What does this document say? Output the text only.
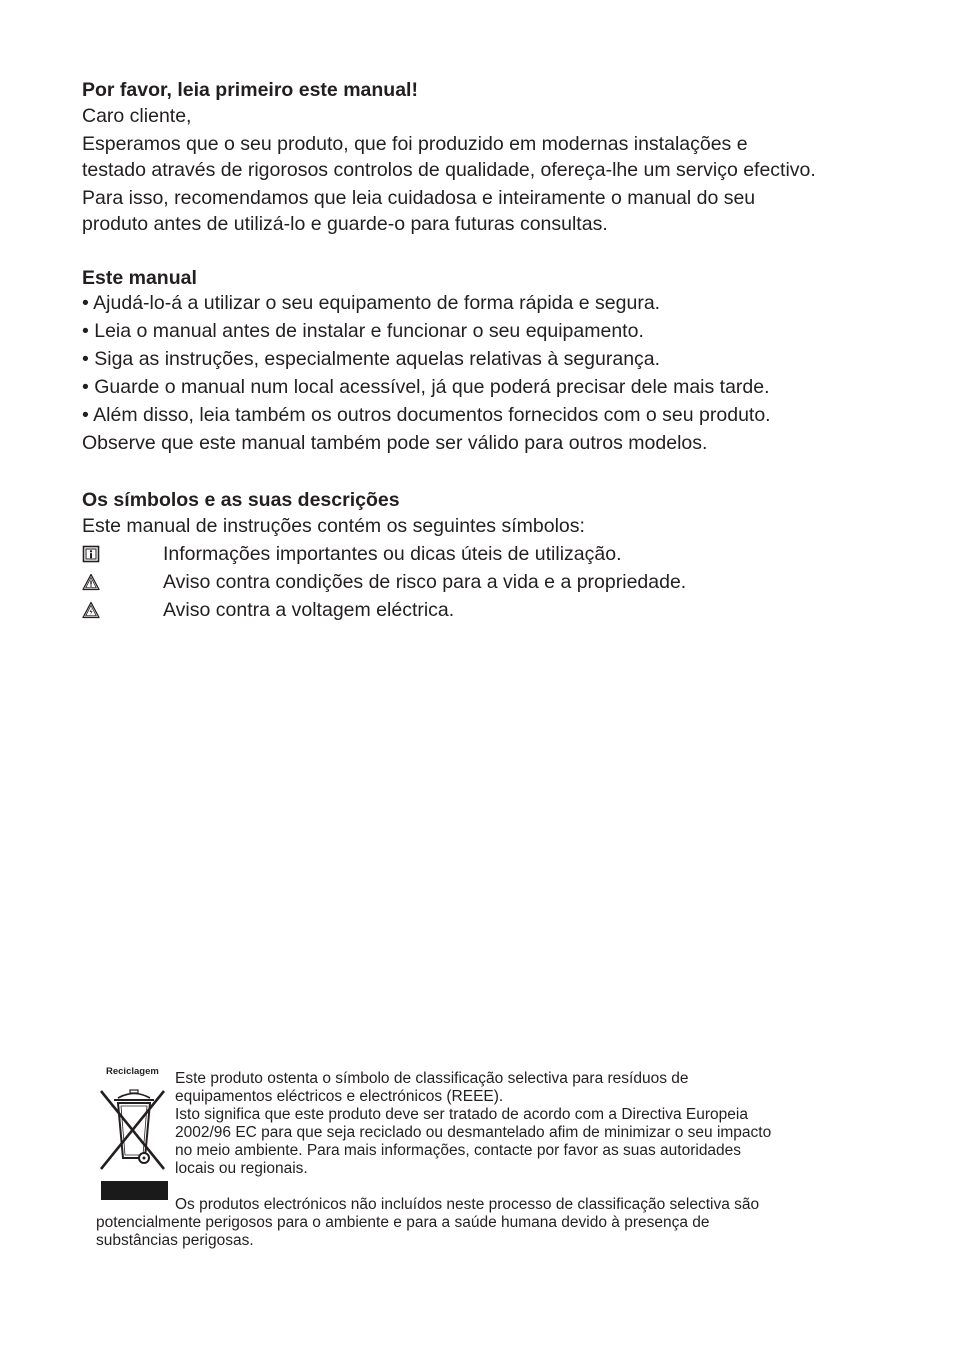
Por favor, leia primeiro este manual!
Caro cliente,
Esperamos que o seu produto, que foi produzido em modernas instalações e
testado através de rigorosos controlos de qualidade, ofereça-lhe um serviço efectivo.
Para isso, recomendamos que leia cuidadosa e inteiramente o manual do seu
produto antes de utilizá-lo e guarde-o para futuras consultas.
Este manual
• Ajudá-lo-á a utilizar o seu equipamento de forma rápida e segura.
• Leia o manual antes de instalar e funcionar o seu equipamento.
• Siga as instruções, especialmente aquelas relativas à segurança.
• Guarde o manual num local acessível, já que poderá precisar dele mais tarde.
• Além disso, leia também os outros documentos fornecidos com o seu produto.
Observe que este manual também pode ser válido para outros modelos.
Os símbolos e as suas descrições
Este manual de instruções contém os seguintes símbolos:
Informações importantes ou dicas úteis de utilização.
Aviso contra condições de risco para a vida e a propriedade.
Aviso contra a voltagem eléctrica.
Reciclagem Este produto ostenta o símbolo de classificação selectiva para resíduos de
equipamentos eléctricos e electrónicos (REEE).
Isto significa que este produto deve ser tratado de acordo com a Directiva Europeia
2002/96 EC para que seja reciclado ou desmantelado afim de minimizar o seu impacto
no meio ambiente. Para mais informações, contacte por favor as suas autoridades
locais ou regionais.
Os produtos electrónicos não incluídos neste processo de classificação selectiva são
potencialmente perigosos para o ambiente e para a saúde humana devido à presença de
substâncias perigosas.
